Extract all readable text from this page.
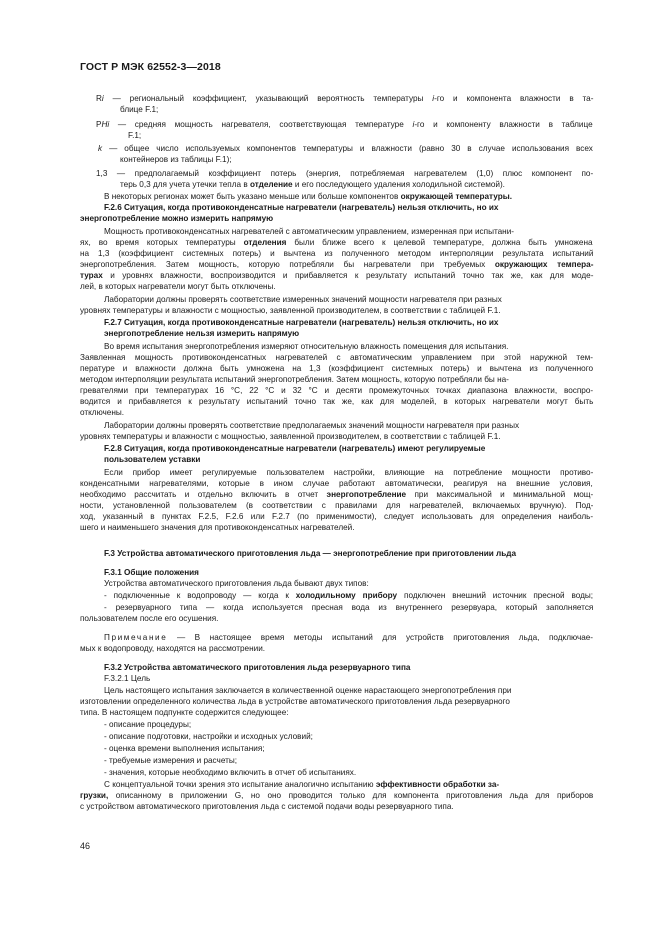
ГОСТ Р МЭК 62552-3—2018
Ri — региональный коэффициент, указывающий вероятность температуры i-го и компонента влажности в та-
блице F.1;
PHi — средняя мощность нагревателя, соответствующая температуре i-го и компоненту влажности в таблице
F.1;
k — общее число используемых компонентов температуры и влажности (равно 30 в случае использования всех
контейнеров из таблицы F.1);
1,3 — предполагаемый коэффициент потерь (энергия, потребляемая нагревателем (1,0) плюс компонент по-
терь 0,3 для учета утечки тепла в отделение и его последующего удаления холодильной системой).
В некоторых регионах может быть указано меньше или больше компонентов окружающей температуры.
F.2.6 Ситуация, когда противоконденсатные нагреватели (нагреватель) нельзя отключить, но их
энергопотребление можно измерить напрямую
Мощность противоконденсатных нагревателей с автоматическим управлением, измеренная при испытани-
ях, во время которых температуры отделения были ближе всего к целевой температуре, должна быть умножена
на 1,3 (коэффициент системных потерь) и вычтена из полученного методом интерполяции результата испытаний
энергопотребления. Затем мощность, которую потребляли бы нагреватели при требуемых окружающих темпера-
турах и уровнях влажности, воспроизводится и прибавляется к результату испытаний точно так же, как для моде-
лей, в которых нагреватели могут быть отключены.
Лаборатории должны проверять соответствие измеренных значений мощности нагревателя при разных
уровнях температуры и влажности с мощностью, заявленной производителем, в соответствии с таблицей F.1.
F.2.7 Ситуация, когда противоконденсатные нагреватели (нагреватель) нельзя отключить, но их
энергопотребление нельзя измерить напрямую
Во время испытания энергопотребления измеряют относительную влажность помещения для испытания.
Заявленная мощность противоконденсатных нагревателей с автоматическим управлением при этой наружной тем-
пературе и влажности должна быть умножена на 1,3 (коэффициент системных потерь) и вычтена из полученного
методом интерполяции результата испытаний энергопотребления. Затем мощность, которую потребляли бы на-
гревателями при температурах 16 °С, 22 °С и 32 °С и десяти промежуточных точках диапазона влажности, воспро-
водится и прибавляется к результату испытаний точно так же, как для моделей, в которых нагреватели могут быть
отключены.
Лаборатории должны проверять соответствие предполагаемых значений мощности нагревателя при разных
уровнях температуры и влажности с мощностью, заявленной производителем, в соответствии с таблицей F.1.
F.2.8 Ситуация, когда противоконденсатные нагреватели (нагреватель) имеют регулируемые
пользователем уставки
Если прибор имеет регулируемые пользователем настройки, влияющие на потребление мощности противо-
конденсатными нагревателями, которые в ином случае работают автоматически, реагируя на внешние условия,
необходимо рассчитать и отдельно включить в отчет энергопотребление при максимальной и минимальной мощ-
ности, установленной пользователем (в соответствии с правилами для нагревателей, включаемых вручную). Под-
ход, указанный в пунктах F.2.5, F.2.6 или F.2.7 (по применимости), следует использовать для определения наиболь-
шего и наименьшего значения для противоконденсатных нагревателей.
F.3 Устройства автоматического приготовления льда — энергопотребление при приготовлении льда
F.3.1 Общие положения
Устройства автоматического приготовления льда бывают двух типов:
- подключенные к водопроводу — когда к холодильному прибору подключен внешний источник пресной воды;
- резервуарного типа — когда используется пресная вода из внутреннего резервуара, который заполняется
пользователем после его осушения.
Примечание — В настоящее время методы испытаний для устройств приготовления льда, подключае-
мых к водопроводу, находятся на рассмотрении.
F.3.2 Устройства автоматического приготовления льда резервуарного типа
F.3.2.1 Цель
Цель настоящего испытания заключается в количественной оценке нарастающего энергопотребления при
изготовлении определенного количества льда в устройстве автоматического приготовления льда резервуарного
типа. В настоящем подпункте содержится следующее:
- описание процедуры;
- описание подготовки, настройки и исходных условий;
- оценка времени выполнения испытания;
- требуемые измерения и расчеты;
- значения, которые необходимо включить в отчет об испытаниях.
С концептуальной точки зрения это испытание аналогично испытанию эффективности обработки за-
грузки, описанному в приложении G, но оно проводится только для компонента приготовления льда для приборов
с устройством автоматического приготовления льда с системой подачи воды резервуарного типа.
46
